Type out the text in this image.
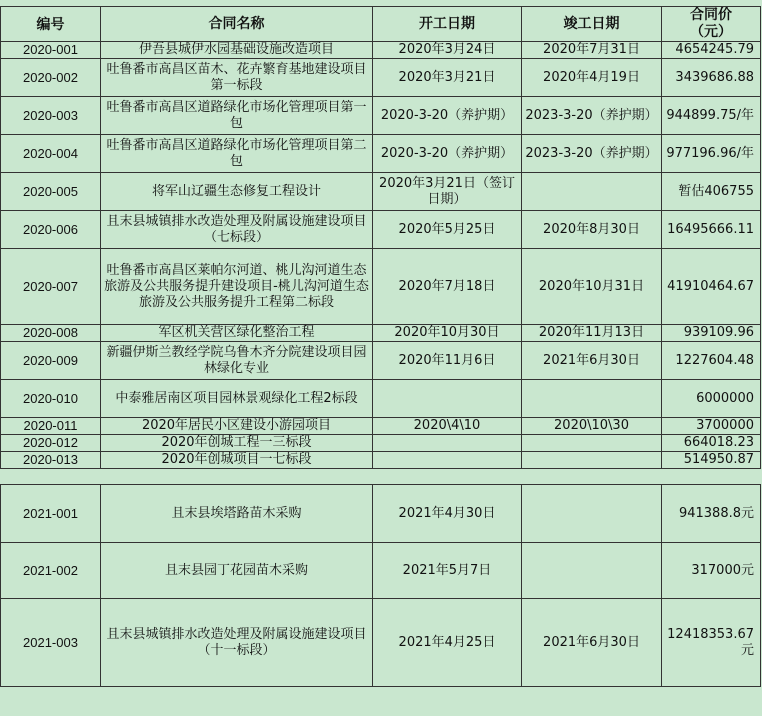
编号	合同名称	开工日期	竣工日期	合同价
（元）
2020-001	伊吾县城伊水园基础设施改造项目	2020年3月24日	2020年7月31日	4654245.79
2020-002	吐鲁番市高昌区苗木、花卉繁育基地建设项目第一标段	2020年3月21日	2020年4月19日	3439686.88
2020-003	吐鲁番市高昌区道路绿化市场化管理项目第一包	2020-3-20（养护期）	2023-3-20（养护期）	944899.75/年
2020-004	吐鲁番市高昌区道路绿化市场化管理项目第二包	2020-3-20（养护期）	2023-3-20（养护期）	977196.96/年
2020-005	将军山辽疆生态修复工程设计	2020年3月21日（签订日期）		暂估406755
2020-006	且末县城镇排水改造处理及附属设施建设项目（七标段）	2020年5月25日	2020年8月30日	16495666.11
2020-007	吐鲁番市高昌区莱帕尔河道、桃儿沟河道生态旅游及公共服务提升建设项目-桃儿沟河道生态旅游及公共服务提升工程第二标段	2020年7月18日	2020年10月31日	41910464.67
2020-008	军区机关营区绿化整治工程	2020年10月30日	2020年11月13日	939109.96
2020-009	新疆伊斯兰教经学院乌鲁木齐分院建设项目园林绿化专业	2020年11月6日	2021年6月30日	1227604.48
2020-010	中泰雅居南区项目园林景观绿化工程2标段			6000000
2020-011	2020年居民小区建设小游园项目	2020\4\10	2020\10\30	3700000
2020-012	2020年创城工程一三标段			664018.23
2020-013	2020年创城项目一七标段			514950.87

2021-001	且末县埃塔路苗木采购	2021年4月30日		941388.8元
2021-002	且末县园丁花园苗木采购	2021年5月7日		317000元
2021-003	且末县城镇排水改造处理及附属设施建设项目（十一标段）	2021年4月25日	2021年6月30日	12418353.67元
